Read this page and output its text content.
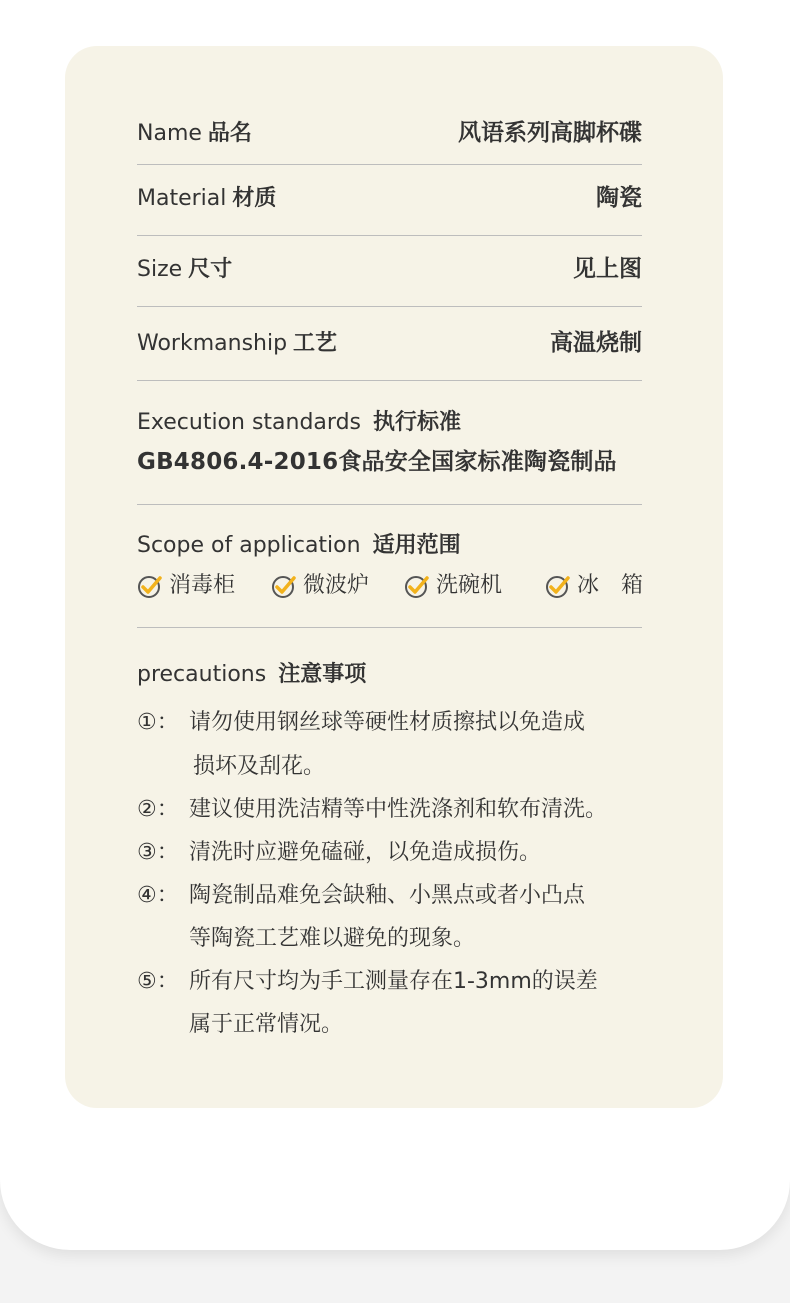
Name 品名	风语系列高脚杯碟
Material 材质	陶瓷
Size 尺寸	见上图
Workmanship 工艺	高温烧制
Execution standards 执行标准
GB4806.4-2016食品安全国家标准陶瓷制品
Scope of application 适用范围
消毒柜	微波炉	洗碗机	冰　箱
precautions 注意事项
①： 请勿使用钢丝球等硬性材质擦拭以免造成
损坏及刮花。
②： 建议使用洗洁精等中性洗涤剂和软布清洗。
③： 清洗时应避免磕碰，以免造成损伤。
④： 陶瓷制品难免会缺釉、小黑点或者小凸点
等陶瓷工艺难以避免的现象。
⑤： 所有尺寸均为手工测量存在1-3mm的误差
属于正常情况。
